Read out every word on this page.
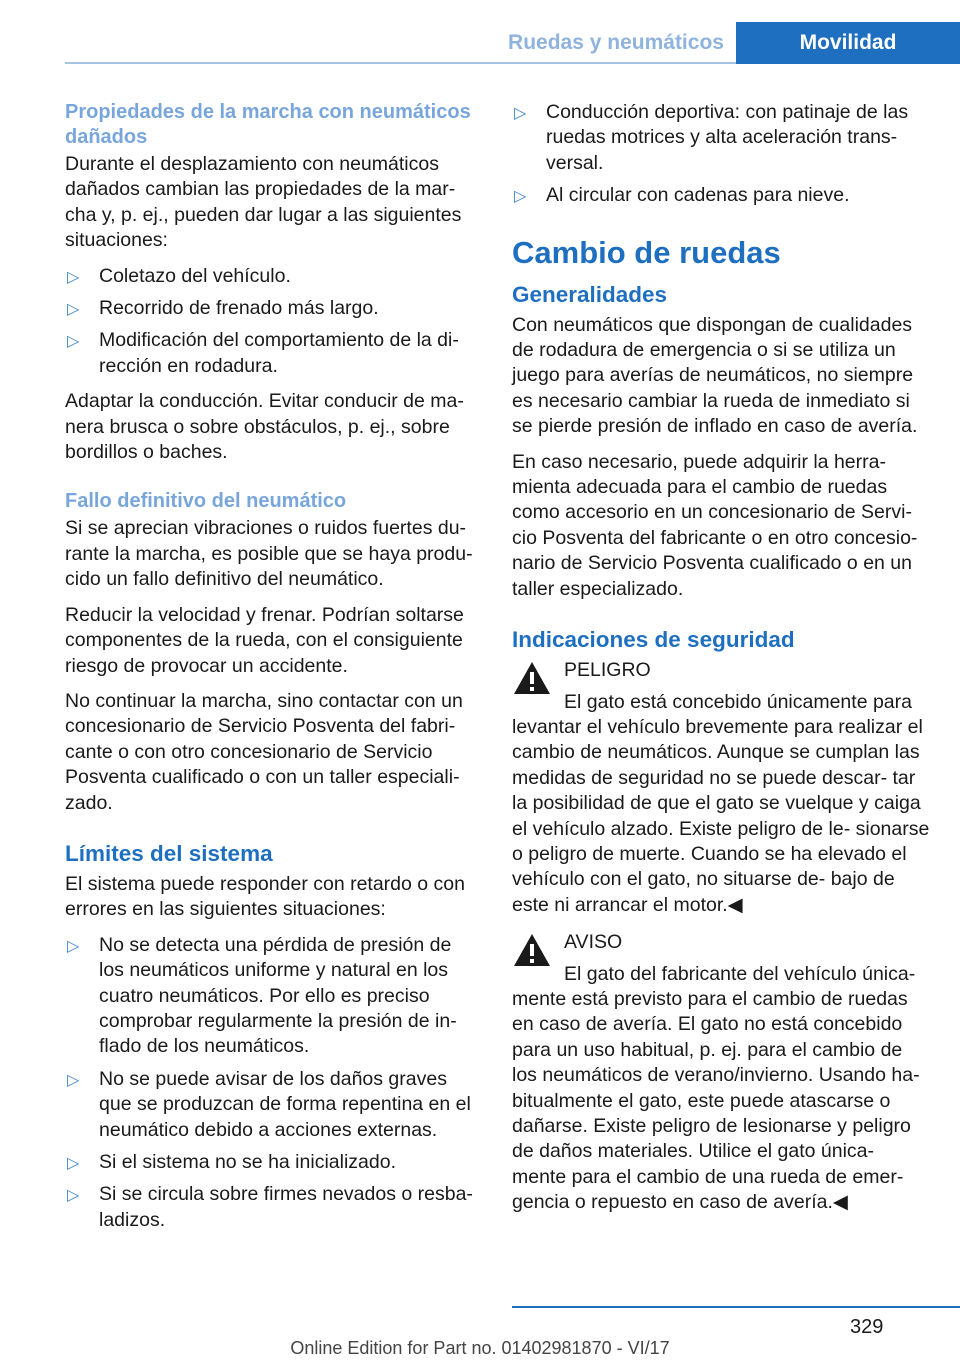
Ruedas y neumáticos	Movilidad
Propiedades de la marcha con neumáticos dañados

Durante el desplazamiento con neumáticos dañados cambian las propiedades de la mar‐ cha y, p. ej., pueden dar lugar a las siguientes situaciones:

▷ Coletazo del vehículo.
▷ Recorrido de frenado más largo.
▷ Modificación del comportamiento de la di‐ rección en rodadura.

Adaptar la conducción. Evitar conducir de ma‐ nera brusca o sobre obstáculos, p. ej., sobre bordillos o baches.

Fallo definitivo del neumático

Si se aprecian vibraciones o ruidos fuertes du‐ rante la marcha, es posible que se haya produ‐ cido un fallo definitivo del neumático.

Reducir la velocidad y frenar. Podrían soltarse componentes de la rueda, con el consiguiente riesgo de provocar un accidente.

No continuar la marcha, sino contactar con un concesionario de Servicio Posventa del fabri‐ cante o con otro concesionario de Servicio Posventa cualificado o con un taller especiali‐ zado.

Límites del sistema

El sistema puede responder con retardo o con errores en las siguientes situaciones:

▷ No se detecta una pérdida de presión de los neumáticos uniforme y natural en los cuatro neumáticos. Por ello es preciso comprobar regularmente la presión de in‐ flado de los neumáticos.
▷ No se puede avisar de los daños graves que se produzcan de forma repentina en el neumático debido a acciones externas.
▷ Si el sistema no se ha inicializado.
▷ Si se circula sobre firmes nevados o resba‐ ladizos.
▷ Conducción deportiva: con patinaje de las ruedas motrices y alta aceleración trans‐ versal.
▷ Al circular con cadenas para nieve.
Cambio de ruedas
Generalidades

Con neumáticos que dispongan de cualidades de rodadura de emergencia o si se utiliza un juego para averías de neumáticos, no siempre es necesario cambiar la rueda de inmediato si se pierde presión de inflado en caso de avería.

En caso necesario, puede adquirir la herra‐ mienta adecuada para el cambio de ruedas como accesorio en un concesionario de Servi‐ cio Posventa del fabricante o en otro concesio‐ nario de Servicio Posventa cualificado o en un taller especializado.

Indicaciones de seguridad
PELIGRO

El gato está concebido únicamente para levantar el vehículo brevemente para realizar el cambio de neumáticos. Aunque se cumplan las medidas de seguridad no se puede descar‐ tar la posibilidad de que el gato se vuelque y caiga el vehículo alzado. Existe peligro de le‐ sionarse o peligro de muerte. Cuando se ha elevado el vehículo con el gato, no situarse de‐ bajo de este ni arrancar el motor.◀

AVISO

El gato del fabricante del vehículo única‐ mente está previsto para el cambio de ruedas en caso de avería. El gato no está concebido para un uso habitual, p. ej. para el cambio de los neumáticos de verano/invierno. Usando ha‐ bitualmente el gato, este puede atascarse o dañarse. Existe peligro de lesionarse y peligro de daños materiales. Utilice el gato única‐ mente para el cambio de una rueda de emer‐ gencia o repuesto en caso de avería.◀

329
Online Edition for Part no. 01402981870 - VI/17
